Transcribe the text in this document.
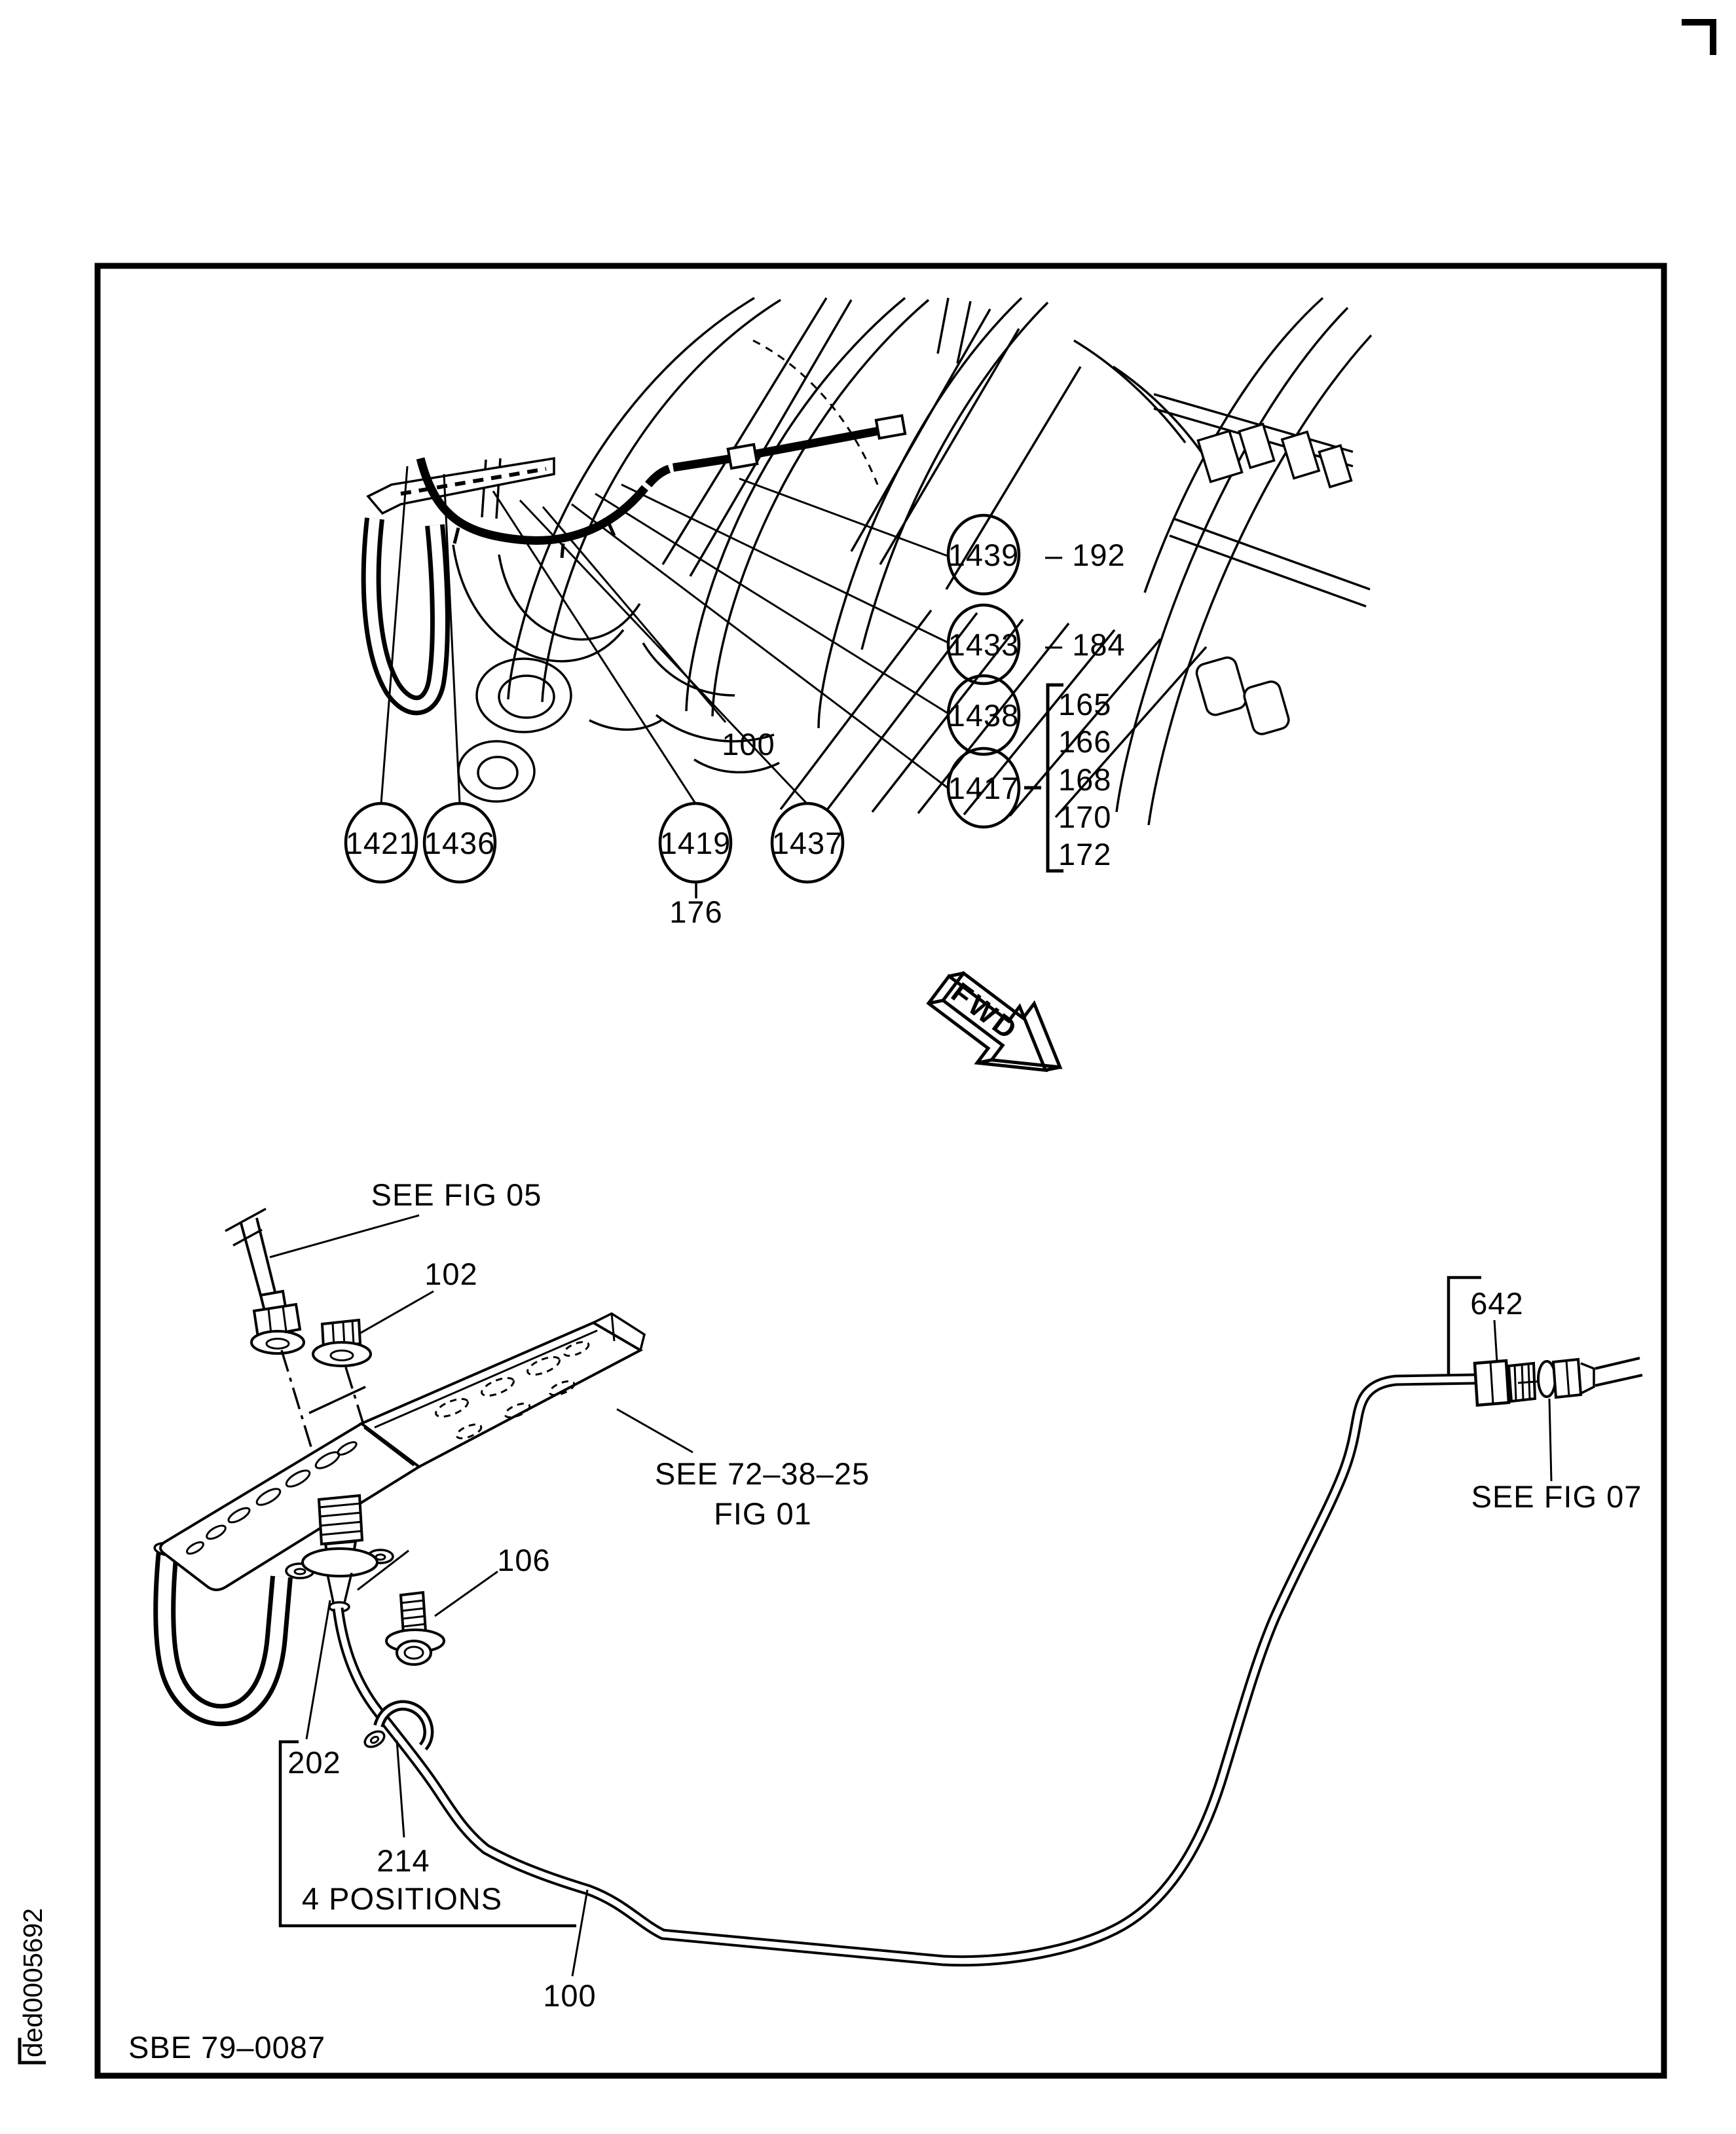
FWD
1421 1436	1419 1437
1439 – 192
1433 – 184
1438
1417
100
176
165
166
168
170
172
SEE FIG 05
102
SEE 72–38–25
FIG 01
106
202
214
4 POSITIONS
100
642
SEE FIG 07
SBE 79–0087
ded0005692
